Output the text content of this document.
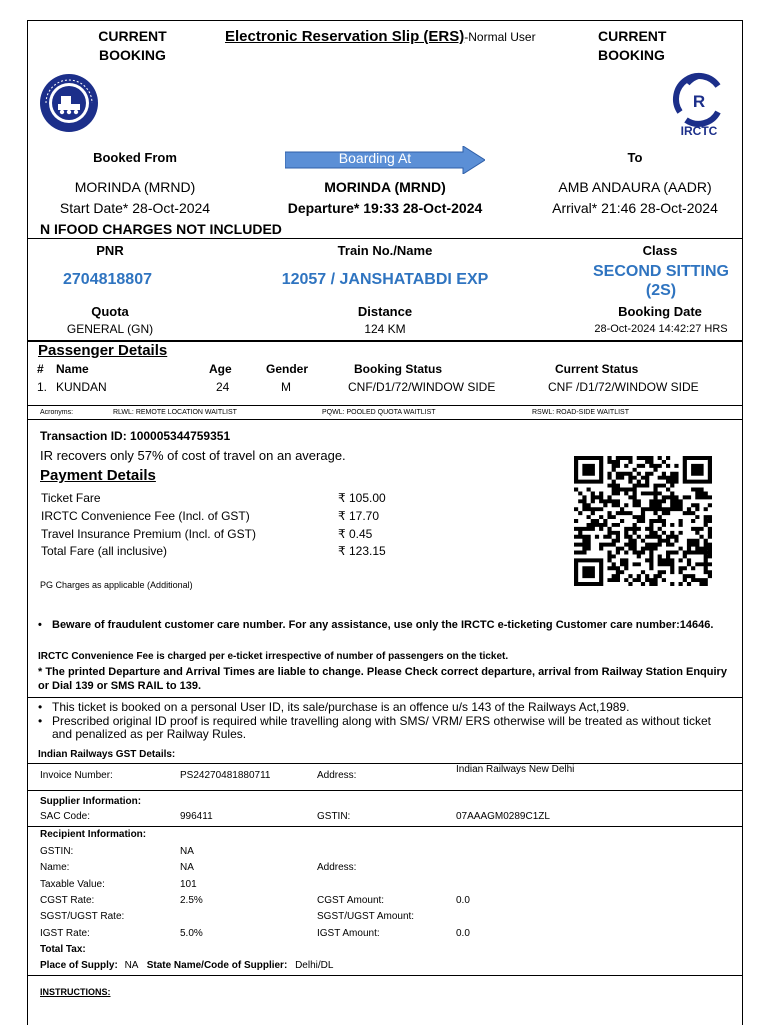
CURRENT
BOOKING
Electronic Reservation Slip (ERS)-Normal User	CURRENT
BOOKING
R
IRCTC
Booked From	Boarding At	To
MORINDA (MRND)	MORINDA (MRND)	AMB ANDAURA (AADR)
Start Date* 28-Oct-2024	Departure* 19:33 28-Oct-2024	Arrival* 21:46 28-Oct-2024
N IFOOD CHARGES NOT INCLUDED
PNR	Train No./Name	Class
2704818807	12057 / JANSHATABDI EXP	SECOND SITTING
(2S)
Quota	Distance	Booking Date
GENERAL (GN)	124 KM	28-Oct-2024 14:42:27 HRS
Passenger Details
# Name	Age	Gender	Booking Status	Current Status
1. KUNDAN	24	M	CNF/D1/72/WINDOW SIDE	CNF /D1/72/WINDOW SIDE
Acronyms:	RLWL: REMOTE LOCATION WAITLIST	PQWL: POOLED QUOTA WAITLIST	RSWL: ROAD-SIDE WAITLIST
Transaction ID: 100005344759351
IR recovers only 57% of cost of travel on an average.
Payment Details
Ticket Fare	₹ 105.00
IRCTC Convenience Fee (Incl. of GST)	₹ 17.70
Travel Insurance Premium (Incl. of GST)	₹ 0.45
Total Fare (all inclusive)	₹ 123.15
PG Charges as applicable (Additional)
• Beware of fraudulent customer care number. For any assistance, use only the IRCTC e-ticketing Customer care number:14646.
IRCTC Convenience Fee is charged per e-ticket irrespective of number of passengers on the ticket.
* The printed Departure and Arrival Times are liable to change. Please Check correct departure, arrival from Railway Station Enquiry or Dial 139 or SMS RAIL to 139.
• This ticket is booked on a personal User ID, its sale/purchase is an offence u/s 143 of the Railways Act,1989.
• Prescribed original ID proof is required while travelling along with SMS/ VRM/ ERS otherwise will be treated as without ticket and penalized as per Railway Rules.
Indian Railways GST Details:
Invoice Number:	PS24270481880711	Address:
Indian Railways New Delhi
Supplier Information:
SAC Code:	996411	GSTIN:	07AAAGM0289C1ZL
Recipient Information:
GSTIN:	NA
Name:	NA	Address:
Taxable Value:	101
CGST Rate:	2.5%	CGST Amount:	0.0
SGST/UGST Rate:	SGST/UGST Amount:
IGST Rate:	5.0%	IGST Amount:	0.0
Total Tax:
Place of Supply: NA State Name/Code of Supplier: Delhi/DL
INSTRUCTIONS:
